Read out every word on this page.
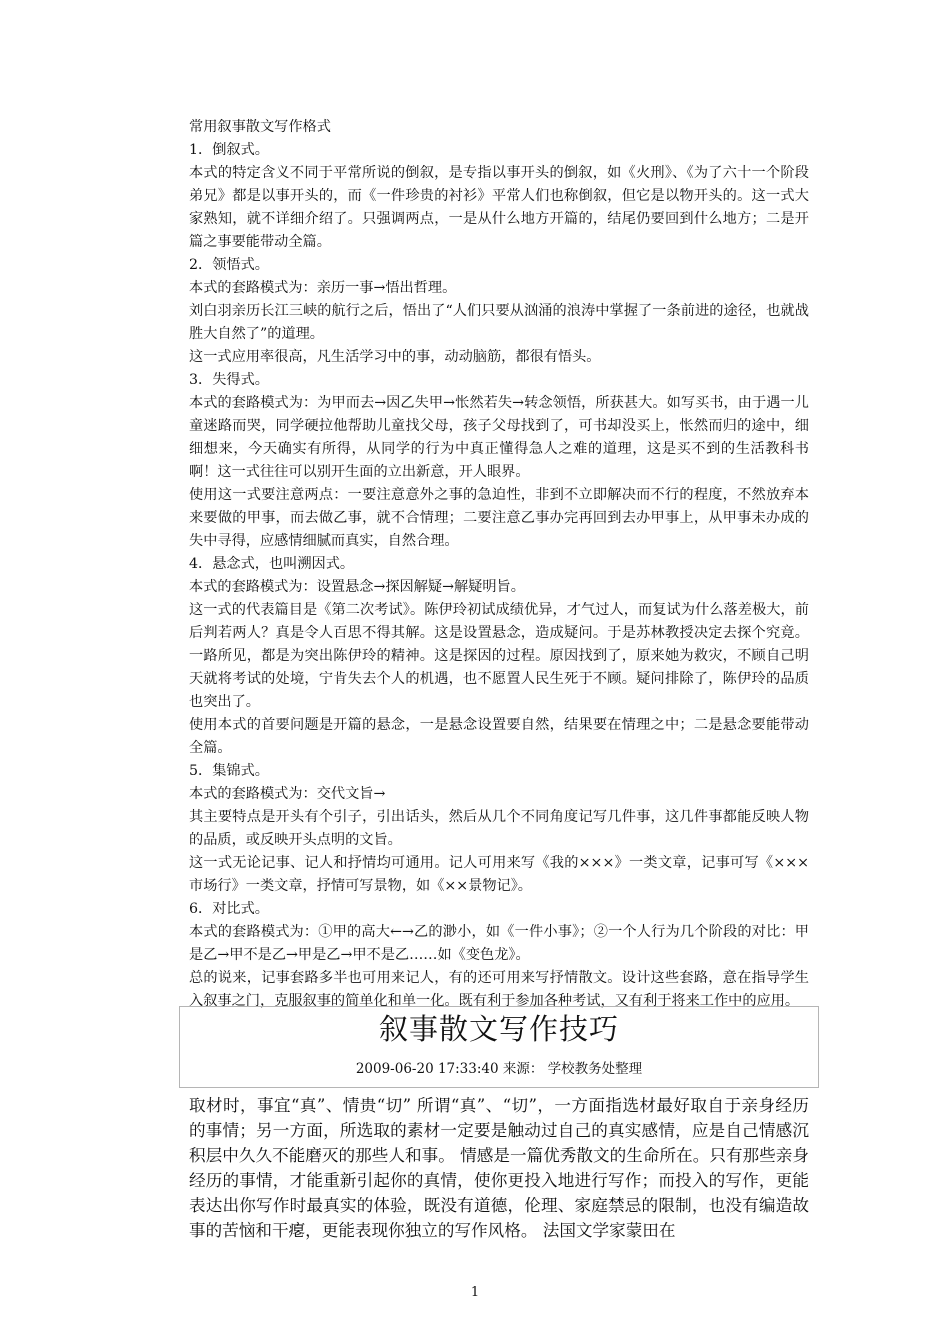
常用叙事散文写作格式

1．倒叙式。

本式的特定含义不同于平常所说的倒叙，是专指以事开头的倒叙，如《火刑》、《为了六十一个阶段弟兄》都是以事开头的，而《一件珍贵的衬衫》平常人们也称倒叙，但它是以物开头的。这一式大家熟知，就不详细介绍了。只强调两点，一是从什么地方开篇的，结尾仍要回到什么地方；二是开篇之事要能带动全篇。

2．领悟式。

本式的套路模式为：亲历一事→悟出哲理。

刘白羽亲历长江三峡的航行之后，悟出了“人们只要从汹涌的浪涛中掌握了一条前进的途径，也就战胜大自然了”的道理。

这一式应用率很高，凡生活学习中的事，动动脑筋，都很有悟头。

3．失得式。

本式的套路模式为：为甲而去→因乙失甲→怅然若失→转念领悟，所获甚大。如写买书，由于遇一儿童迷路而哭，同学硬拉他帮助儿童找父母，孩子父母找到了，可书却没买上，怅然而归的途中，细细想来，今天确实有所得，从同学的行为中真正懂得急人之难的道理，这是买不到的生活教科书啊！这一式往往可以别开生面的立出新意，开人眼界。

使用这一式要注意两点：一要注意意外之事的急迫性，非到不立即解决而不行的程度，不然放弃本来要做的甲事，而去做乙事，就不合情理；二要注意乙事办完再回到去办甲事上，从甲事未办成的失中寻得，应感情细腻而真实，自然合理。

4．悬念式，也叫溯因式。

本式的套路模式为：设置悬念→探因解疑→解疑明旨。

这一式的代表篇目是《第二次考试》。陈伊玲初试成绩优异，才气过人，而复试为什么落差极大，前后判若两人？真是令人百思不得其解。这是设置悬念，造成疑问。于是苏林教授决定去探个究竟。一路所见，都是为突出陈伊玲的精神。这是探因的过程。原因找到了，原来她为救灾，不顾自己明天就将考试的处境，宁肯失去个人的机遇，也不愿置人民生死于不顾。疑问排除了，陈伊玲的品质也突出了。

使用本式的首要问题是开篇的悬念，一是悬念设置要自然，结果要在情理之中；二是悬念要能带动全篇。

5．集锦式。

本式的套路模式为：交代文旨→

其主要特点是开头有个引子，引出话头，然后从几个不同角度记写几件事，这几件事都能反映人物的品质，或反映开头点明的文旨。

这一式无论记事、记人和抒情均可通用。记人可用来写《我的×××》一类文章，记事可写《×××市场行》一类文章，抒情可写景物，如《××景物记》。

6．对比式。

本式的套路模式为：①甲的高大←→乙的渺小，如《一件小事》；②一个人行为几个阶段的对比：甲是乙→甲不是乙→甲是乙→甲不是乙……如《变色龙》。

总的说来，记事套路多半也可用来记人，有的还可用来写抒情散文。设计这些套路，意在指导学生入叙事之门，克服叙事的简单化和单一化。既有利于参加各种考试，又有利于将来工作中的应用。

叙事散文写作技巧
2009-06-20 17:33:40 来源： 学校教务处整理

取材时，事宜“真”、情贵“切” 所谓“真”、“切”，一方面指选材最好取自于亲身经历的事情；另一方面，所选取的素材一定要是触动过自己的真实感情，应是自己情感沉积层中久久不能磨灭的那些人和事。 情感是一篇优秀散文的生命所在。只有那些亲身经历的事情，才能重新引起你的真情，使你更投入地进行写作；而投入的写作，更能表达出你写作时最真实的体验，既没有道德，伦理、家庭禁忌的限制，也没有编造故事的苦恼和干瘪，更能表现你独立的写作风格。 法国文学家蒙田在

1
